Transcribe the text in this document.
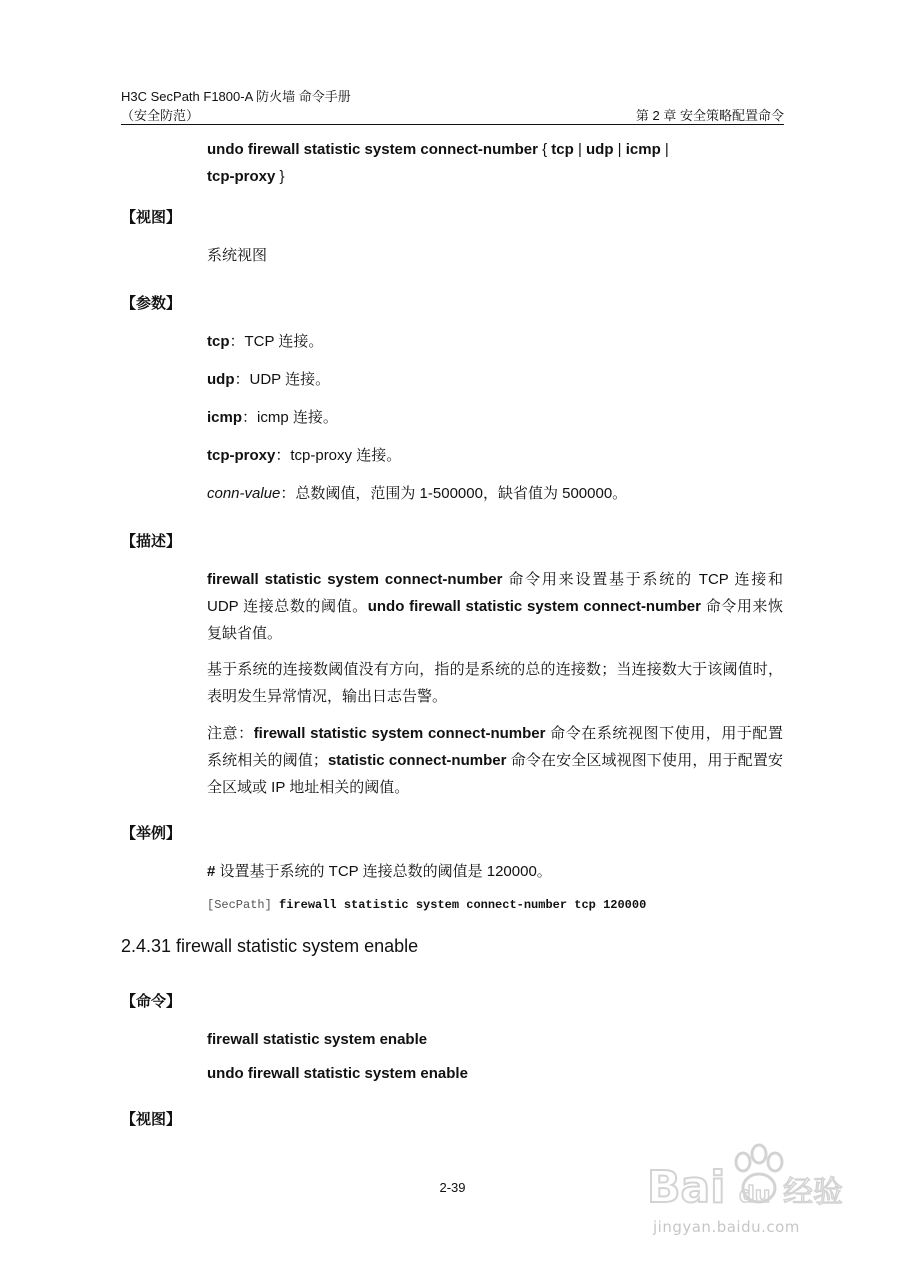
H3C SecPath F1800-A 防火墙 命令手册
（安全防范）	第 2 章 安全策略配置命令
undo firewall statistic system connect-number { tcp | udp | icmp |
tcp-proxy }
【视图】
系统视图
【参数】
tcp：TCP 连接。
udp：UDP 连接。
icmp：icmp 连接。
tcp-proxy：tcp-proxy 连接。
conn-value：总数阈值，范围为 1-500000，缺省值为 500000。
【描述】
firewall statistic system connect-number 命令用来设置基于系统的 TCP 连接和 UDP 连接总数的阈值。undo firewall statistic system connect-number 命令用来恢复缺省值。
基于系统的连接数阈值没有方向，指的是系统的总的连接数；当连接数大于该阈值时，表明发生异常情况，输出日志告警。
注意：firewall statistic system connect-number 命令在系统视图下使用，用于配置系统相关的阈值；statistic connect-number 命令在安全区域视图下使用，用于配置安全区域或 IP 地址相关的阈值。
【举例】
# 设置基于系统的 TCP 连接总数的阈值是 120000。
[SecPath] firewall statistic system connect-number tcp 120000
2.4.31 firewall statistic system enable
【命令】
firewall statistic system enable
undo firewall statistic system enable
【视图】
2-39	Bai du 经验
jingyan.baidu.com
